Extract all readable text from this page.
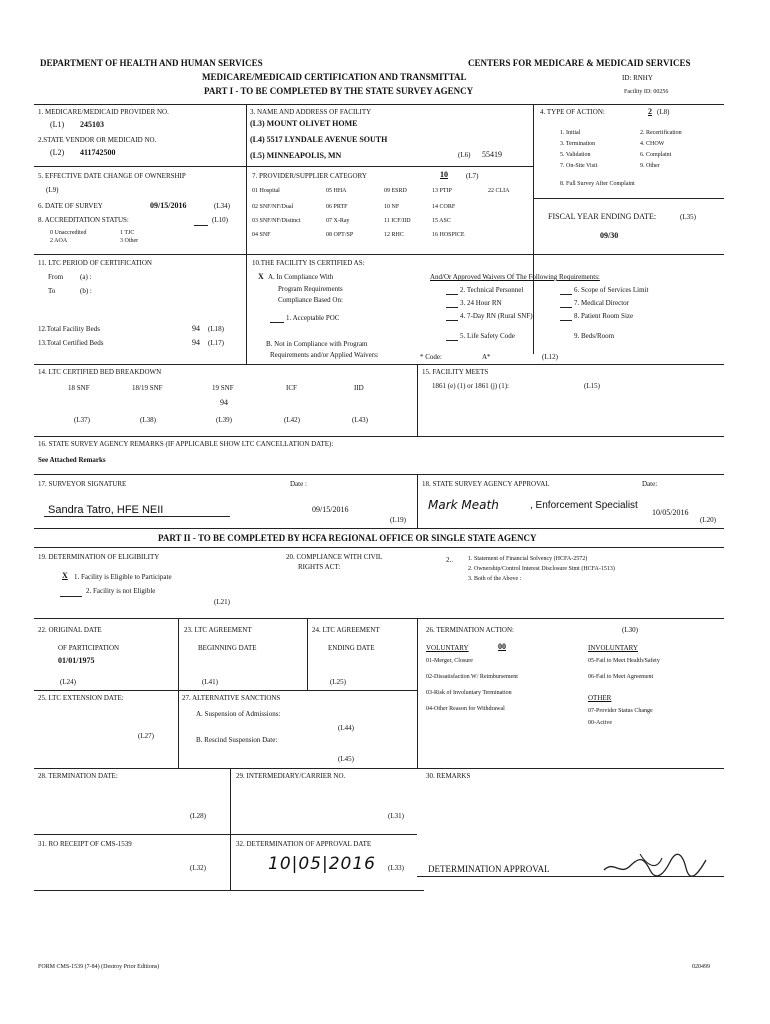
DEPARTMENT OF HEALTH AND HUMAN SERVICES	CENTERS FOR MEDICARE & MEDICAID SERVICES
MEDICARE/MEDICAID CERTIFICATION AND TRANSMITTAL	ID: RNHY
PART I - TO BE COMPLETED BY THE STATE SURVEY AGENCY	Facility ID: 00256
1. MEDICARE/MEDICAID PROVIDER NO.
(L1) 245103
2.STATE VENDOR OR MEDICAID NO.
(L2) 411742500
3. NAME AND ADDRESS OF FACILITY
(L3) MOUNT OLIVET HOME
(L4) 5517 LYNDALE AVENUE SOUTH
(L5) MINNEAPOLIS, MN	(L6) 55419
4. TYPE OF ACTION:	2 (L8)
1. Initial	2. Recertification
3. Termination	4. CHOW
5. Validation	6. Complaint
7. On-Site Visit	9. Other
8. Full Survey After Complaint
5. EFFECTIVE DATE CHANGE OF OWNERSHIP
(L9)
6. DATE OF SURVEY	09/15/2016	(L34)
8. ACCREDITATION STATUS:	(L10)
0 Unaccredited	1 TJC
2 AOA	3 Other
7. PROVIDER/SUPPLIER CATEGORY	10	(L7)
01 Hospital	05 HHA	09 ESRD	13 PTIP	22 CLIA
02 SNF/NF/Dual	06 PRTF	10 NF	14 CORF
03 SNF/NF/Distinct	07 X-Ray	11 ICF/IID	15 ASC
04 SNF	08 OPT/SP	12 RHC	16 HOSPICE
FISCAL YEAR ENDING DATE:	(L35)
09/30
11. LTC PERIOD OF CERTIFICATION
From (a) :
To	(b) :
12.Total Facility Beds	94 (L18)
13.Total Certified Beds	94 (L17)
10.THE FACILITY IS CERTIFIED AS:
X A. In Compliance With
Program Requirements
Compliance Based On:
1. Acceptable POC
B. Not in Compliance with Program
Requirements and/or Applied Waivers:
And/Or Approved Waivers Of The Following Requirements:
2. Technical Personnel	6. Scope of Services Limit
3. 24 Hour RN	7. Medical Director
4. 7-Day RN (Rural SNF)	8. Patient Room Size
5. Life Safety Code	9. Beds/Room
* Code:	A*	(L12)
14. LTC CERTIFIED BED BREAKDOWN
18 SNF	18/19 SNF	19 SNF	ICF	IID
94
(L37)	(L38)	(L39)	(L42)	(L43)
15. FACILITY MEETS
1861 (e) (1) or 1861 (j) (1):	(L15)
16. STATE SURVEY AGENCY REMARKS (IF APPLICABLE SHOW LTC CANCELLATION DATE):
See Attached Remarks
17. SURVEYOR SIGNATURE	Date :
Sandra Tatro, HFE NEII	09/15/2016
(L19)
18. STATE SURVEY AGENCY APPROVAL	Date:
Mark Meath	, Enforcement Specialist
10/05/2016
(L20)
PART II - TO BE COMPLETED BY HCFA REGIONAL OFFICE OR SINGLE STATE AGENCY
19. DETERMINATION OF ELIGIBILITY
X 1. Facility is Eligible to Participate
2. Facility is not Eligible
(L21)
20. COMPLIANCE WITH CIVIL
RIGHTS ACT:
2..	1. Statement of Financial Solvency (HCFA-2572)
2. Ownership/Control Interest Disclosure Stmt (HCFA-1513)
3. Both of the Above :
22. ORIGINAL DATE
OF PARTICIPATION
01/01/1975
(L24)
23. LTC AGREEMENT
BEGINNING DATE
(L41)
24. LTC AGREEMENT
ENDING DATE
(L25)
26. TERMINATION ACTION:	(L30)
VOLUNTARY	00	INVOLUNTARY
01-Merger, Closure
02-Dissatisfaction W/ Reimbursement
03-Risk of Involuntary Termination
04-Other Reason for Withdrawal
05-Fail to Meet Health/Safety
06-Fail to Meet Agreement
OTHER
07-Provider Status Change
00-Active
25. LTC EXTENSION DATE:
(L27)
27. ALTERNATIVE SANCTIONS
A. Suspension of Admissions:
(L44)
B. Rescind Suspension Date:
(L45)
28. TERMINATION DATE:
(L28)
29. INTERMEDIARY/CARRIER NO.
(L31)
30. REMARKS
31. RO RECEIPT OF CMS-1539
(L32)
32. DETERMINATION OF APPROVAL DATE
10|05|2016 (L33)	DETERMINATION APPROVAL
FORM CMS-1539 (7-84) (Destroy Prior Editions)	020499
